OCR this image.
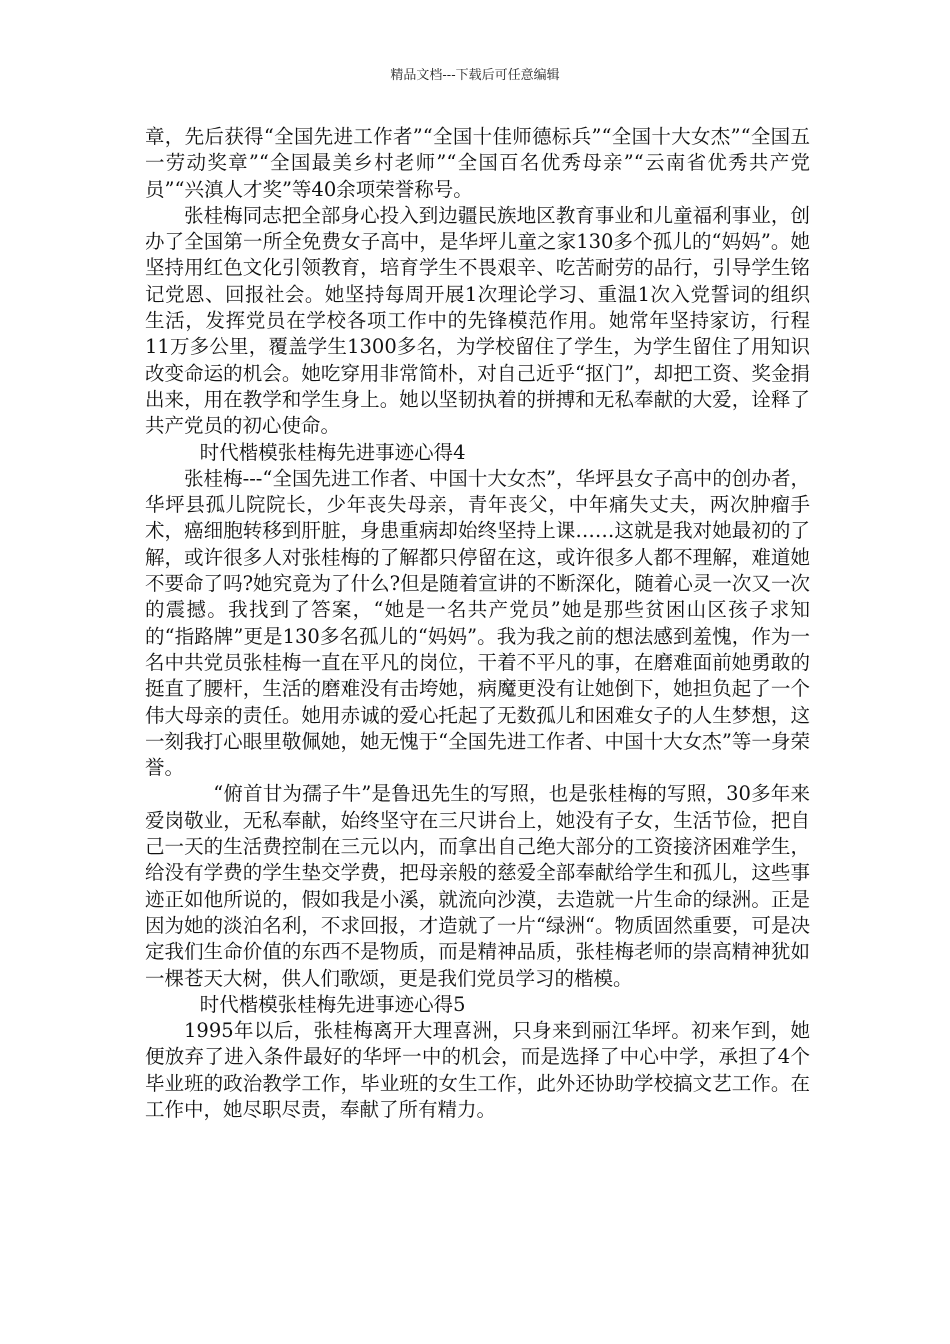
精品文档---下载后可任意编辑

章，先后获得“全国先进工作者”“全国十佳师德标兵”“全国十大女杰”“全国五一劳动奖章”“全国最美乡村老师”“全国百名优秀母亲”“云南省优秀共产党员”“兴滇人才奖”等40余项荣誉称号。

张桂梅同志把全部身心投入到边疆民族地区教育事业和儿童福利事业，创办了全国第一所全免费女子高中，是华坪儿童之家130多个孤儿的“妈妈”。她坚持用红色文化引领教育，培育学生不畏艰辛、吃苦耐劳的品行，引导学生铭记党恩、回报社会。她坚持每周开展1次理论学习、重温1次入党誓词的组织生活，发挥党员在学校各项工作中的先锋模范作用。她常年坚持家访，行程11万多公里，覆盖学生1300多名，为学校留住了学生，为学生留住了用知识改变命运的机会。她吃穿用非常简朴，对自己近乎“抠门”，却把工资、奖金捐出来，用在教学和学生身上。她以坚韧执着的拼搏和无私奉献的大爱，诠释了共产党员的初心使命。

时代楷模张桂梅先进事迹心得4

张桂梅---“全国先进工作者、中国十大女杰”，华坪县女子高中的创办者，华坪县孤儿院院长，少年丧失母亲，青年丧父，中年痛失丈夫，两次肿瘤手术，癌细胞转移到肝脏，身患重病却始终坚持上课……这就是我对她最初的了解，或许很多人对张桂梅的了解都只停留在这，或许很多人都不理解，难道她不要命了吗?她究竟为了什么?但是随着宣讲的不断深化，随着心灵一次又一次的震撼。我找到了答案，“她是一名共产党员”她是那些贫困山区孩子求知的“指路牌”更是130多名孤儿的“妈妈”。我为我之前的想法感到羞愧，作为一名中共党员张桂梅一直在平凡的岗位，干着不平凡的事，在磨难面前她勇敢的挺直了腰杆，生活的磨难没有击垮她，病魔更没有让她倒下，她担负起了一个伟大母亲的责任。她用赤诚的爱心托起了无数孤儿和困难女子的人生梦想，这一刻我打心眼里敬佩她，她无愧于“全国先进工作者、中国十大女杰”等一身荣誉。

“俯首甘为孺子牛”是鲁迅先生的写照，也是张桂梅的写照，30多年来爱岗敬业，无私奉献，始终坚守在三尺讲台上，她没有子女，生活节俭，把自己一天的生活费控制在三元以内，而拿出自己绝大部分的工资接济困难学生，给没有学费的学生垫交学费，把母亲般的慈爱全部奉献给学生和孤儿，这些事迹正如他所说的，假如我是小溪，就流向沙漠，去造就一片生命的绿洲。正是因为她的淡泊名利，不求回报，才造就了一片“绿洲“。物质固然重要，可是决定我们生命价值的东西不是物质，而是精神品质，张桂梅老师的崇高精神犹如一棵苍天大树，供人们歌颂，更是我们党员学习的楷模。

时代楷模张桂梅先进事迹心得5

1995年以后，张桂梅离开大理喜洲，只身来到丽江华坪。初来乍到，她便放弃了进入条件最好的华坪一中的机会，而是选择了中心中学，承担了4个毕业班的政治教学工作，毕业班的女生工作，此外还协助学校搞文艺工作。在工作中，她尽职尽责，奉献了所有精力。
